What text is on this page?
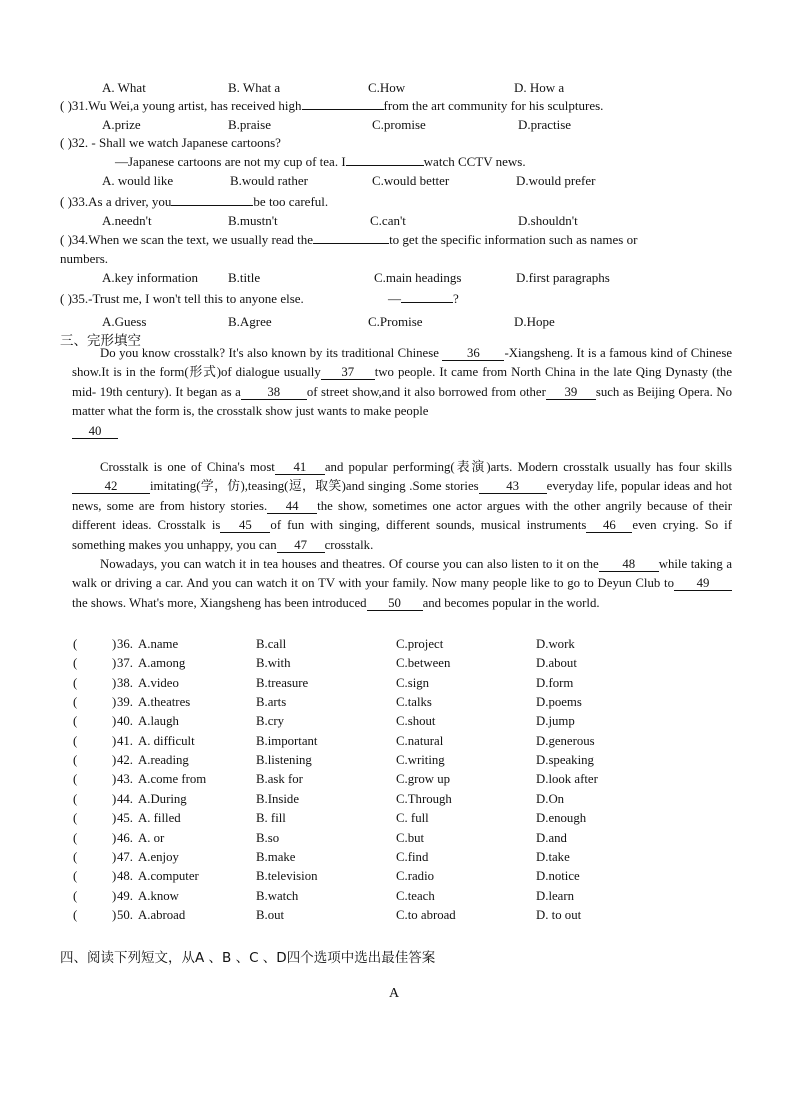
A. What	B. What a	C.How	D. How a
( )31.Wu Wei,a young artist, has received high	from the art community for his sculptures.
A.prize	B.praise	C.promise	D.practise
( )32. - Shall we watch Japanese cartoons?
—Japanese cartoons are not my cup of tea. I	watch CCTV news.
A. would like	B.would rather	C.would better	D.would prefer
( )33.As a driver, you	be too careful.
A.needn't	B.mustn't	C.can't	D.shouldn't
( )34.When we scan the text, we usually read the	to get the specific information such as names or
numbers.
A.key information B.title	C.main headings	D.first paragraphs
( )35.-Trust me, I won't tell this to anyone else.	—	?
A.Guess	B.Agree	C.Promise	D.Hope
三、完形填空
Do you know crosstalk? It's also known by its traditional Chinese 36 -Xiangsheng. It is a famous kind of Chinese show.It is in the form(形式)of dialogue usually 37 two people. It came from North China in the late Qing Dynasty (the mid- 19th century). It began as a 38 of street show,and it also borrowed from other 39 such as Beijing Opera. No matter what the form is, the crosstalk show just wants to make people
40
Crosstalk is one of China's most 41 and popular performing(表演)arts. Modern crosstalk usually has four skills42	imitating(学，仿),teasing(逗，取笑)and singing .Some stories 43 everyday life, popular ideas and hot news, some are from history stories. 44 the show, sometimes one actor argues with the other angrily because of their different ideas. Crosstalk is 45 of fun with singing, different sounds, musical instruments 46 even crying. So if something makes you unhappy, you can 47 crosstalk.
Nowadays, you can watch it in tea houses and theatres. Of course you can also listen to it on the 48 while taking a walk or driving a car. And you can watch it on TV with your family. Now many people like to go to Deyun Club to 49the shows. What's more, Xiangsheng has been introduced 50 and becomes popular in the world.
(	) 36. A.name	B.call	C.project	D.work
(	) 37. A.among	B.with	C.between	D.about
(	) 38. A.video	B.treasure	C.sign	D.form
(	) 39. A.theatres	B.arts	C.talks	D.poems
(	) 40. A.laugh	B.cry	C.shout	D.jump
(	) 41. A. difficult	B.important	C.natural	D.generous
(	) 42. A.reading	B.listening	C.writing	D.speaking
(	) 43. A.come from	B.ask for	C.grow up	D.look after
(	) 44. A.During	B.Inside	C.Through	D.On
(	) 45. A. filled	B. fill	C. full	D.enough
(	) 46. A. or	B.so	C.but	D.and
(	) 47. A.enjoy	B.make	C.find	D.take
(	) 48. A.computer	B.television	C.radio	D.notice
(	) 49. A.know	B.watch	C.teach	D.learn
(	) 50. A.abroad	B.out	C.to abroad	D. to out
四、阅读下列短文，从A 、B 、C 、D四个选项中选出最佳答案
A
